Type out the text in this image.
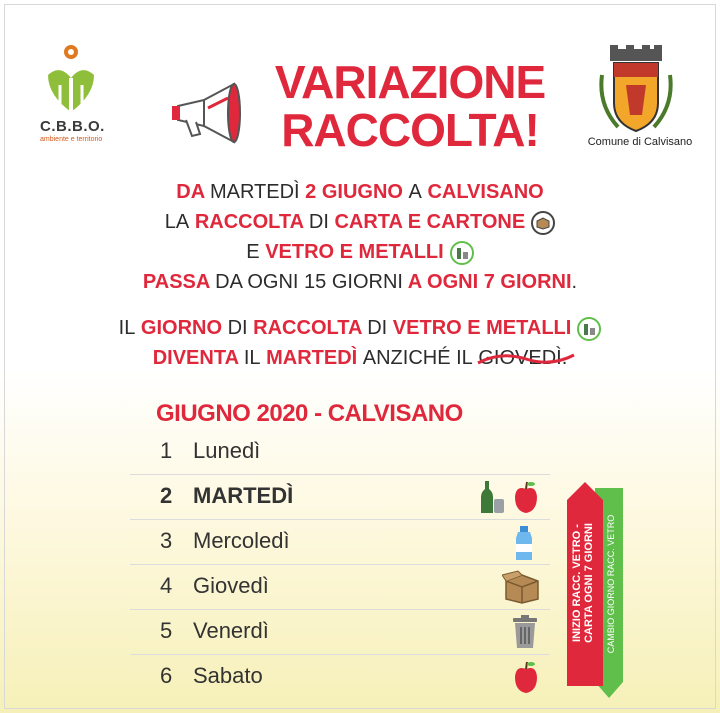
C.B.B.O.
ambiente e territorio
VARIAZIONE
RACCOLTA!	Comune di Calvisano
DA MARTEDÌ 2 GIUGNO A CALVISANO
LA RACCOLTA DI CARTA E CARTONE
E VETRO E METALLI
PASSA DA OGNI 15 GIORNI A OGNI 7 GIORNI.
IL GIORNO DI RACCOLTA DI VETRO E METALLI
DIVENTA IL MARTEDÌ ANZICHÉ IL GIOVEDÌ
.
GIUGNO 2020 - CALVISANO
1 Lunedì
2 MARTEDÌ
3 Mercoledì
4 Giovedì
5 Venerdì
6 Sabato
INIZIO RACC. VETRO - CARTA OGNI 7 GIORNI CAMBIO GIORNO RACC. VETRO
